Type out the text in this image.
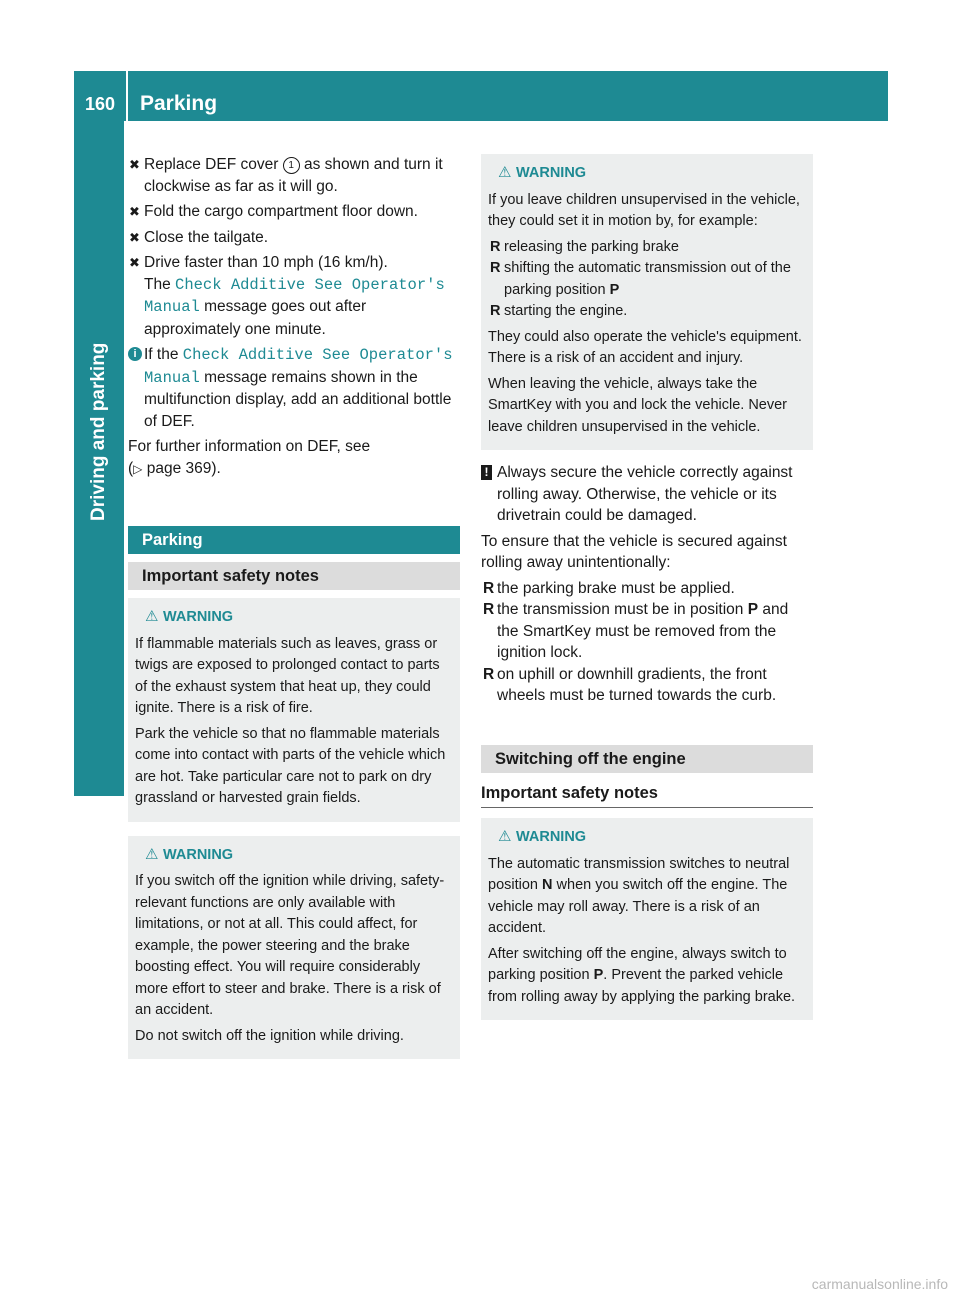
160	Parking
Driving and parking
✖ Replace DEF cover 1 as shown and turn it clockwise as far as it will go.
✖ Fold the cargo compartment floor down.
✖ Close the tailgate.
✖ Drive faster than 10 mph (16 km/h).
The Check Additive See Operator's Manual message goes out after approximately one minute.
i If the Check Additive See Operator's Manual message remains shown in the multifunction display, add an additional bottle of DEF.

For further information on DEF, see
(▷ page 369).

Parking
Important safety notes
⚠ WARNING

If flammable materials such as leaves, grass or twigs are exposed to prolonged contact to parts of the exhaust system that heat up, they could ignite. There is a risk of fire.

Park the vehicle so that no flammable materials come into contact with parts of the vehicle which are hot. Take particular care not to park on dry grassland or harvested grain fields.

⚠ WARNING

If you switch off the ignition while driving, safety-relevant functions are only available with limitations, or not at all. This could affect, for example, the power steering and the brake boosting effect. You will require considerably more effort to steer and brake. There is a risk of an accident.

Do not switch off the ignition while driving.

⚠ WARNING

If you leave children unsupervised in the vehicle, they could set it in motion by, for example:

R releasing the parking brake
R shifting the automatic transmission out of the parking position P
R starting the engine.

They could also operate the vehicle's equipment. There is a risk of an accident and injury.

When leaving the vehicle, always take the SmartKey with you and lock the vehicle. Never leave children unsupervised in the vehicle.

! Always secure the vehicle correctly against rolling away. Otherwise, the vehicle or its drivetrain could be damaged.

To ensure that the vehicle is secured against rolling away unintentionally:

R the parking brake must be applied.
R the transmission must be in position P and the SmartKey must be removed from the ignition lock.
R on uphill or downhill gradients, the front wheels must be turned towards the curb.
Switching off the engine
Important safety notes
⚠ WARNING

The automatic transmission switches to neutral position N when you switch off the engine. The vehicle may roll away. There is a risk of an accident.

After switching off the engine, always switch to parking position P. Prevent the parked vehicle from rolling away by applying the parking brake.

carmanualsonline.info
